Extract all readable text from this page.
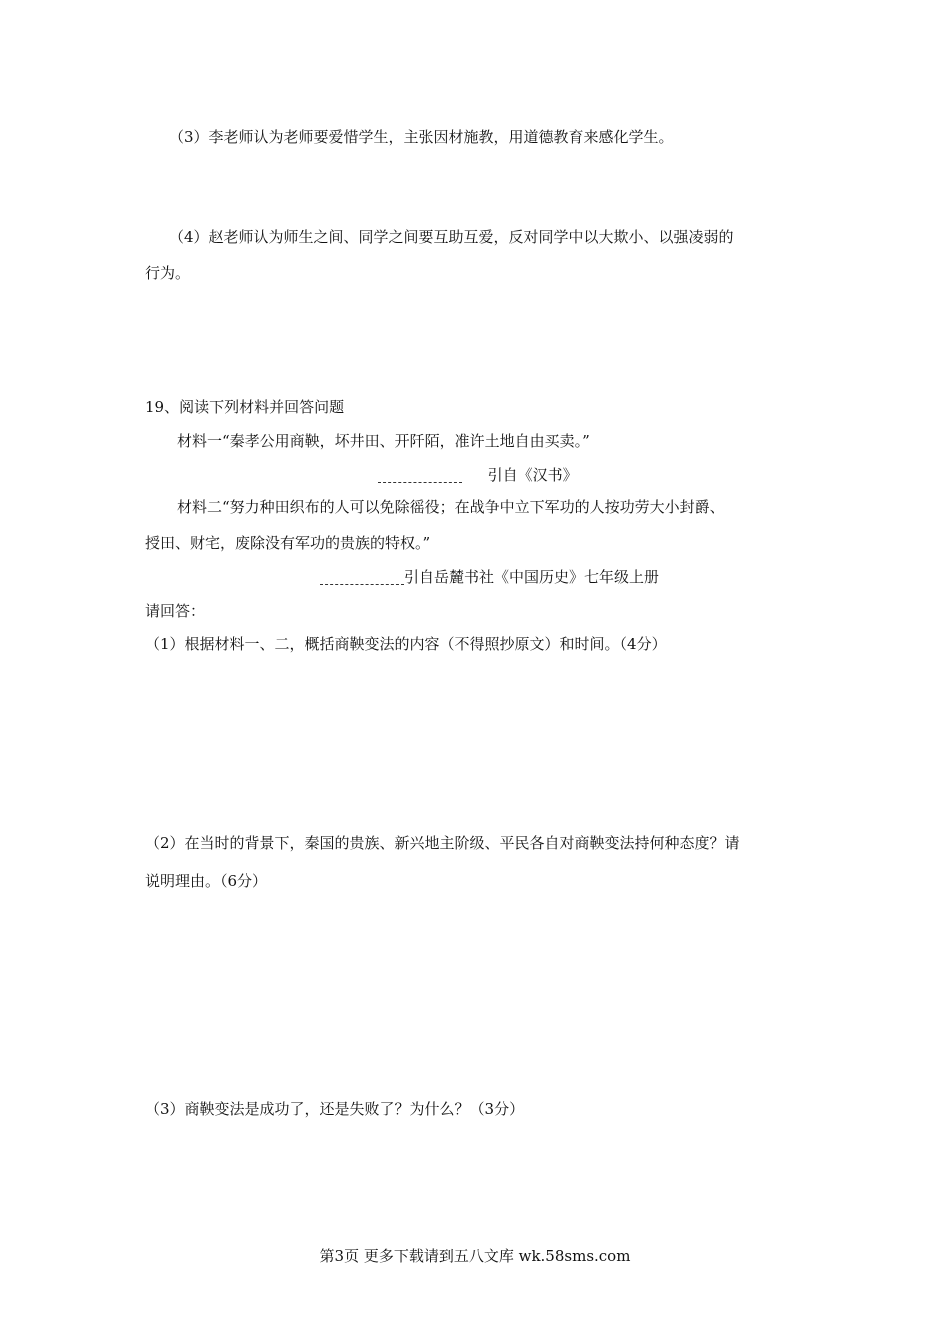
（3）李老师认为老师要爱惜学生，主张因材施教，用道德教育来感化学生。
（4）赵老师认为师生之间、同学之间要互助互爱，反对同学中以大欺小、以强凌弱的
行为。
19、阅读下列材料并回答问题
材料一“秦孝公用商鞅，坏井田、开阡陌，准许土地自由买卖。”
引自《汉书》
材料二“努力种田织布的人可以免除徭役；在战争中立下军功的人按功劳大小封爵、
授田、财宅，废除没有军功的贵族的特权。”
引自岳麓书社《中国历史》七年级上册
请回答：
（1）根据材料一、二，概括商鞅变法的内容（不得照抄原文）和时间。（4分）
（2）在当时的背景下，秦国的贵族、新兴地主阶级、平民各自对商鞅变法持何种态度？请
说明理由。（6分）
（3）商鞅变法是成功了，还是失败了？为什么？（3分）
第3页 更多下载请到五八文库 wk.58sms.com
